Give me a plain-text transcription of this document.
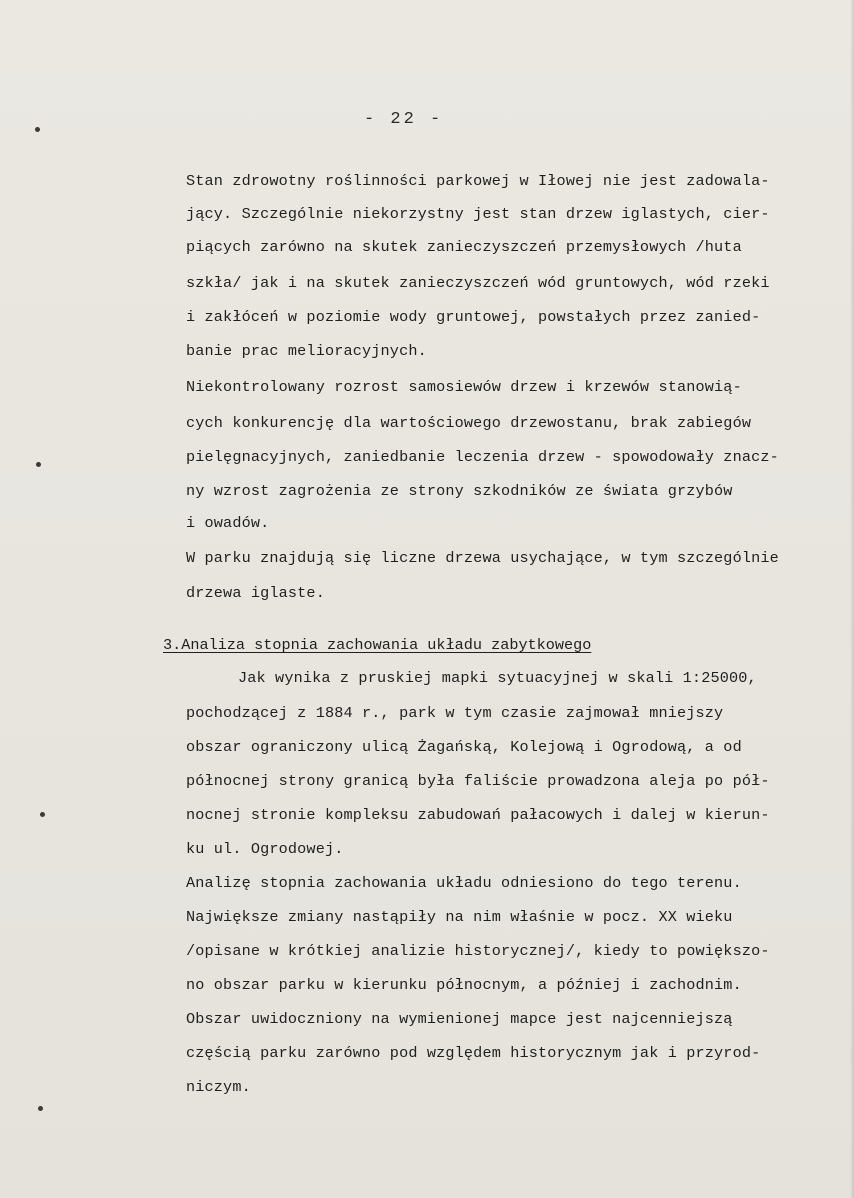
- 22 -
Stan zdrowotny roślinności parkowej w Iłowej nie jest zadowala-
jący. Szczególnie niekorzystny jest stan drzew iglastych, cier-
piących zarówno na skutek zanieczyszczeń przemysłowych /huta
szkła/ jak i na skutek zanieczyszczeń wód gruntowych, wód rzeki
i zakłóceń w poziomie wody gruntowej, powstałych przez zanied-
banie prac melioracyjnych.
Niekontrolowany rozrost samosiewów drzew i krzewów stanowią-
cych konkurencję dla wartościowego drzewostanu, brak zabiegów
pielęgnacyjnych, zaniedbanie leczenia drzew - spowodowały znacz-
ny wzrost zagrożenia ze strony szkodników ze świata grzybów
i owadów.
W parku znajdują się liczne drzewa usychające, w tym szczególnie
drzewa iglaste.
3.Analiza stopnia zachowania układu zabytkowego
Jak wynika z pruskiej mapki sytuacyjnej w skali 1:25000,
pochodzącej z 1884 r., park w tym czasie zajmował mniejszy
obszar ograniczony ulicą Żagańską, Kolejową i Ogrodową, a od
północnej strony granicą była faliście prowadzona aleja po pół-
nocnej stronie kompleksu zabudowań pałacowych i dalej w kierun-
ku ul. Ogrodowej.
Analizę stopnia zachowania układu odniesiono do tego terenu.
Największe zmiany nastąpiły na nim właśnie w pocz. XX wieku
/opisane w krótkiej analizie historycznej/, kiedy to powiększo-
no obszar parku w kierunku północnym, a później i zachodnim.
Obszar uwidoczniony na wymienionej mapce jest najcenniejszą
częścią parku zarówno pod względem historycznym jak i przyrod-
niczym.
